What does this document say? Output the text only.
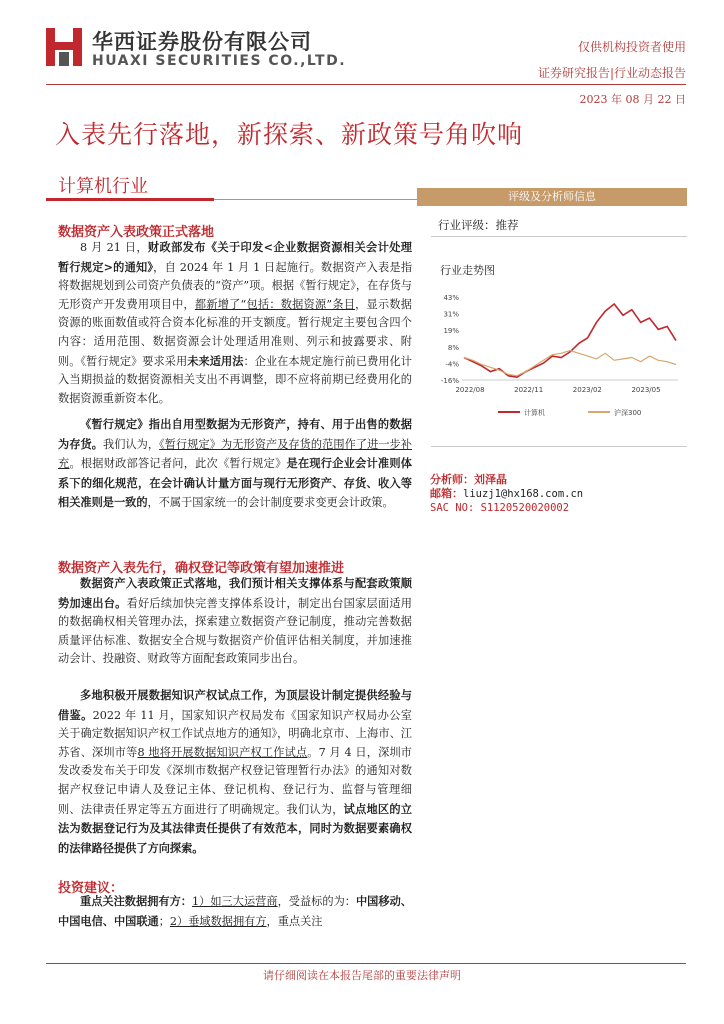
华西证券股份有限公司
HUAXI SECURITIES CO.,LTD.
仅供机构投资者使用
证券研究报告|行业动态报告
2023 年 08 月 22 日
入表先行落地，新探索、新政策号角吹响
计算机行业
数据资产入表政策正式落地
8 月 21 日，财政部发布《关于印发<企业数据资源相关会计处理暂行规定>的通知》，自 2024 年 1 月 1 日起施行。数据资产入表是指将数据规划到公司资产负债表的“资产”项。根据《暂行规定》，在存货与无形资产开发费用项目中，都新增了“包括：数据资源”条目，显示数据资源的账面数值或符合资本化标准的开支额度。暂行规定主要包含四个内容：适用范围、数据资源会计处理适用准则、列示和披露要求、附则。《暂行规定》要求采用未来适用法：企业在本规定施行前已费用化计入当期损益的数据资源相关支出不再调整，即不应将前期已经费用化的数据资源重新资本化。
《暂行规定》指出自用型数据为无形资产，持有、用于出售的数据为存货。我们认为，《暂行规定》为无形资产及存货的范围作了进一步补充。根据财政部答记者问，此次《暂行规定》是在现行企业会计准则体系下的细化规范，在会计确认计量方面与现行无形资产、存货、收入等相关准则是一致的，不属于国家统一的会计制度要求变更会计政策。
数据资产入表先行，确权登记等政策有望加速推进
数据资产入表政策正式落地，我们预计相关支撑体系与配套政策顺势加速出台。看好后续加快完善支撑体系设计，制定出台国家层面适用的数据确权相关管理办法，探索建立数据资产登记制度，推动完善数据质量评估标准、数据安全合规与数据资产价值评估相关制度，并加速推动会计、投融资、财政等方面配套政策同步出台。
多地积极开展数据知识产权试点工作，为顶层设计制定提供经验与借鉴。2022 年 11 月，国家知识产权局发布《国家知识产权局办公室关于确定数据知识产权工作试点地方的通知》，明确北京市、上海市、江苏省、深圳市等8 地将开展数据知识产权工作试点。7 月 4 日，深圳市发改委发布关于印发《深圳市数据产权登记管理暂行办法》的通知对数据产权登记申请人及登记主体、登记机构、登记行为、监督与管理细则、法律责任界定等五方面进行了明确规定。我们认为，试点地区的立法为数据登记行为及其法律责任提供了有效范本，同时为数据要素确权的法律路径提供了方向探索。
投资建议：
重点关注数据拥有方：1）如三大运营商，受益标的为：中国移动、中国电信、中国联通；2）垂域数据拥有方，重点关注
评级及分析师信息
行业评级：推荐
行业走势图
43%
31%
19%
8%
-4%
-16%
2022/08	2022/11	2023/02	2023/05
计算机	沪深300
分析师：刘泽晶
邮箱：liuzj1@hx168.com.cn
SAC NO: S1120520020002
请仔细阅读在本报告尾部的重要法律声明
